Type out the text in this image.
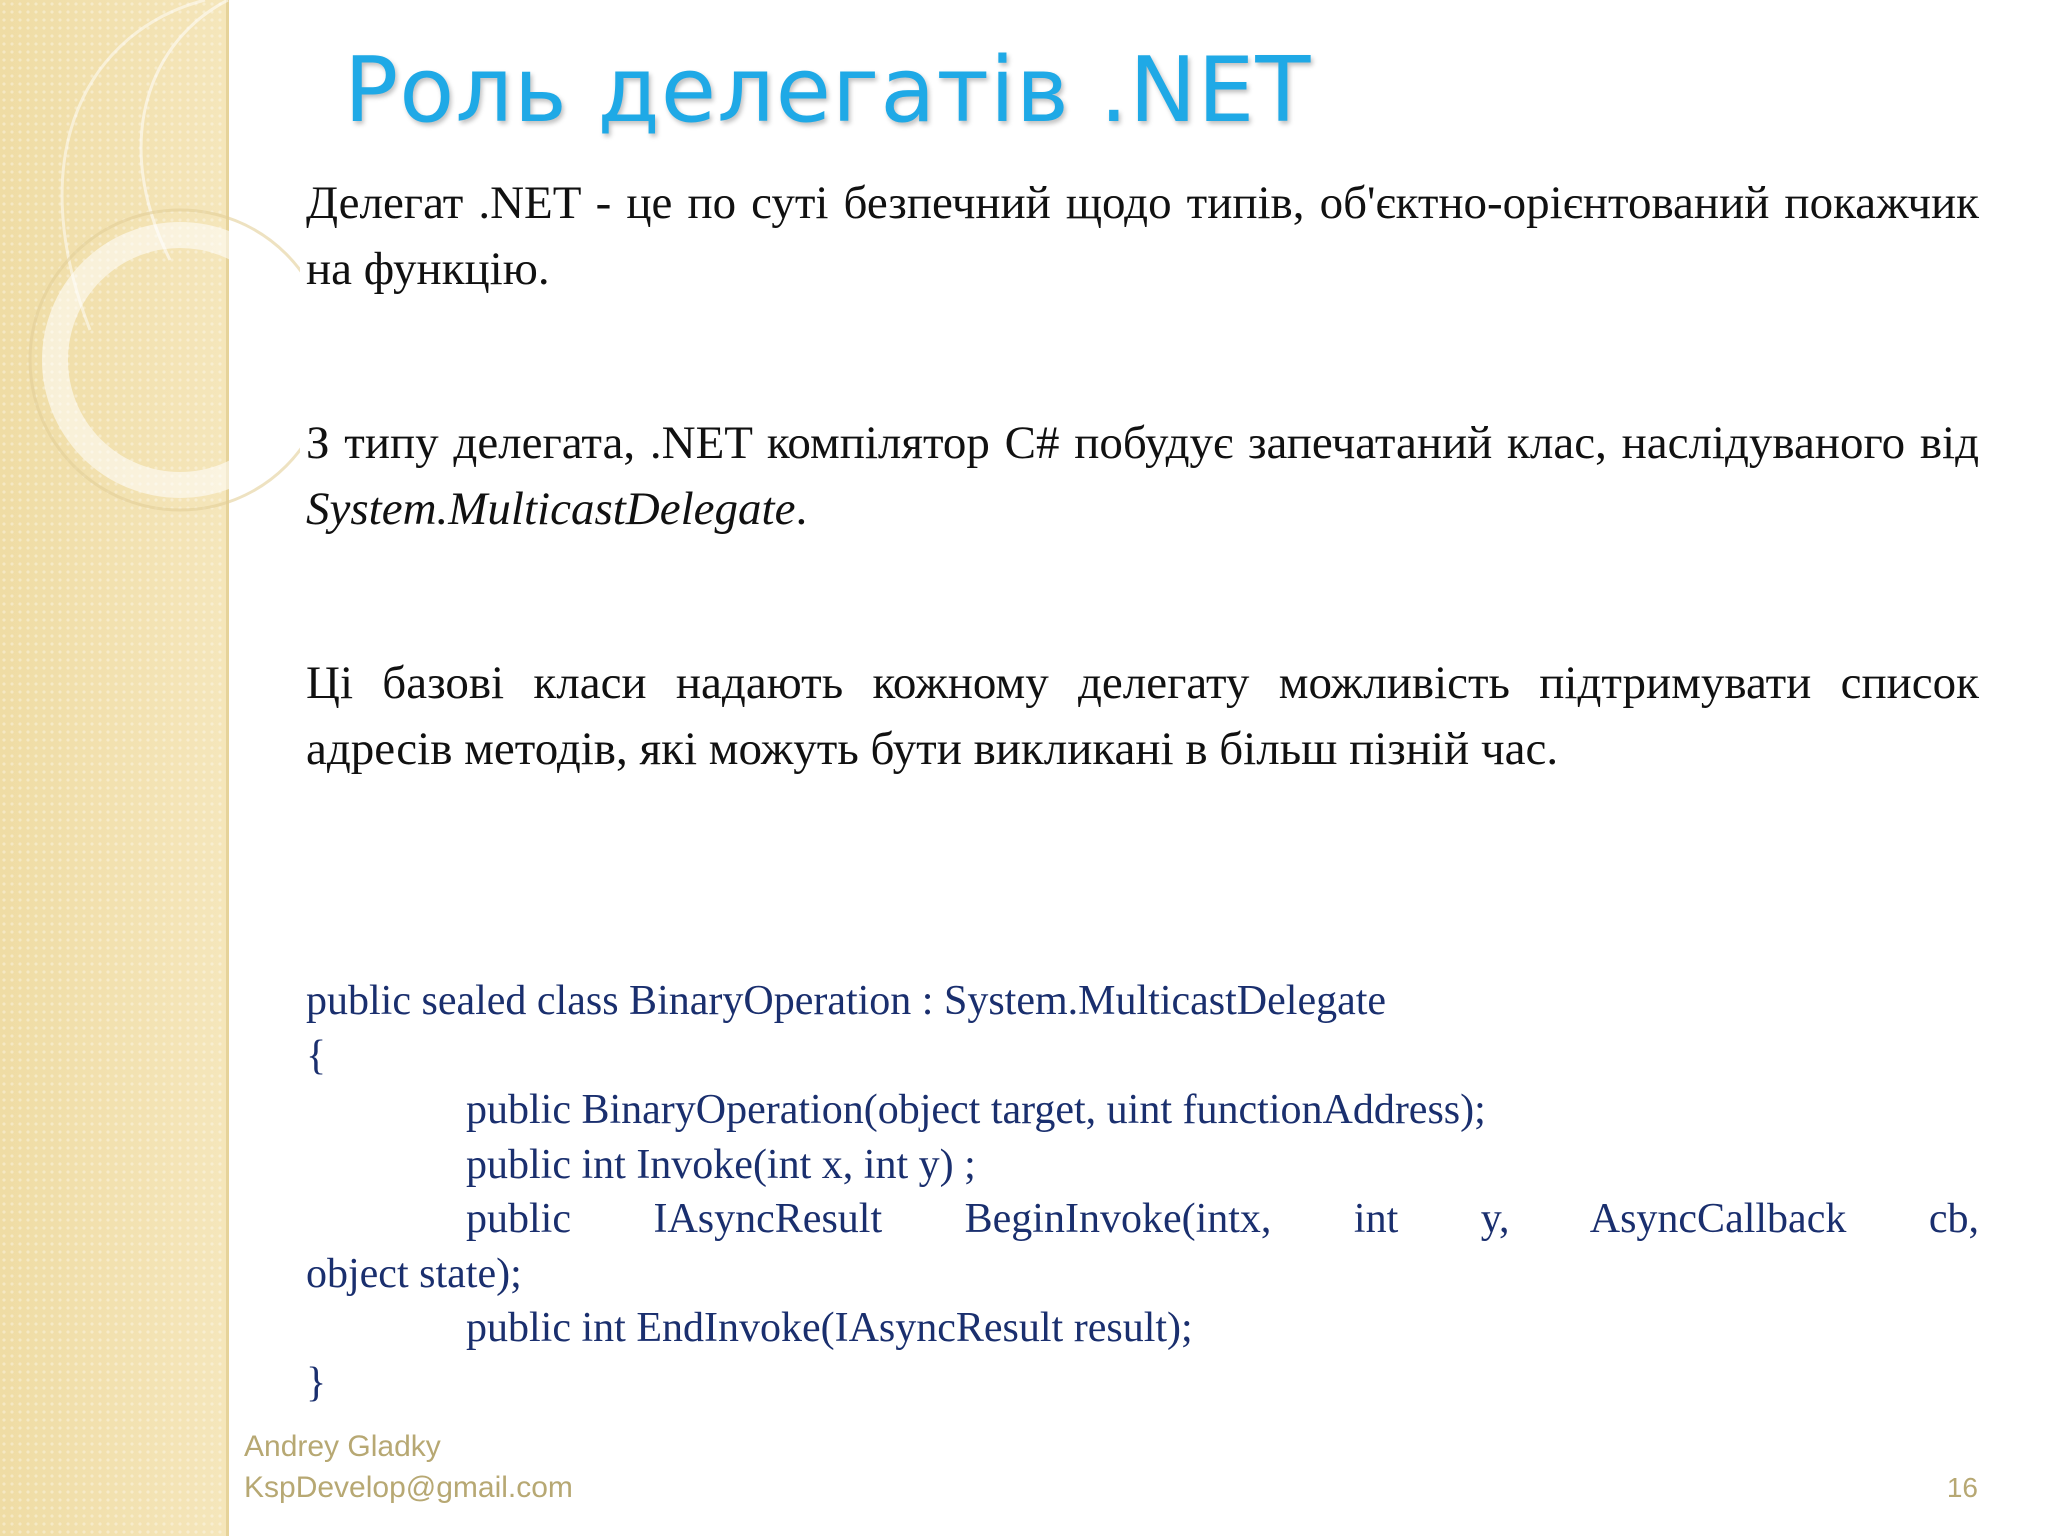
Роль делегатів .NET

Делегат .NET - це по суті безпечний щодо типів, об'єктно-орієнтований покажчик на функцію.

З типу делегата, .NET компілятор C# побудує запечатаний клас, наслідуваного від System.MulticastDelegate.

Ці базові класи надають кожному делегату можливість підтримувати список адресів методів, які можуть бути викликані в більш пізній час.

public sealed class BinaryOperation : System.MulticastDelegate
{
public BinaryOperation(object target, uint functionAddress);
public int Invoke(int x, int y) ;
public IAsyncResult BeginInvoke(intx, int y, AsyncCallback cb,
object state);
public int EndInvoke(IAsyncResult result);
}
Andrey Gladky
KspDevelop@gmail.com	16
